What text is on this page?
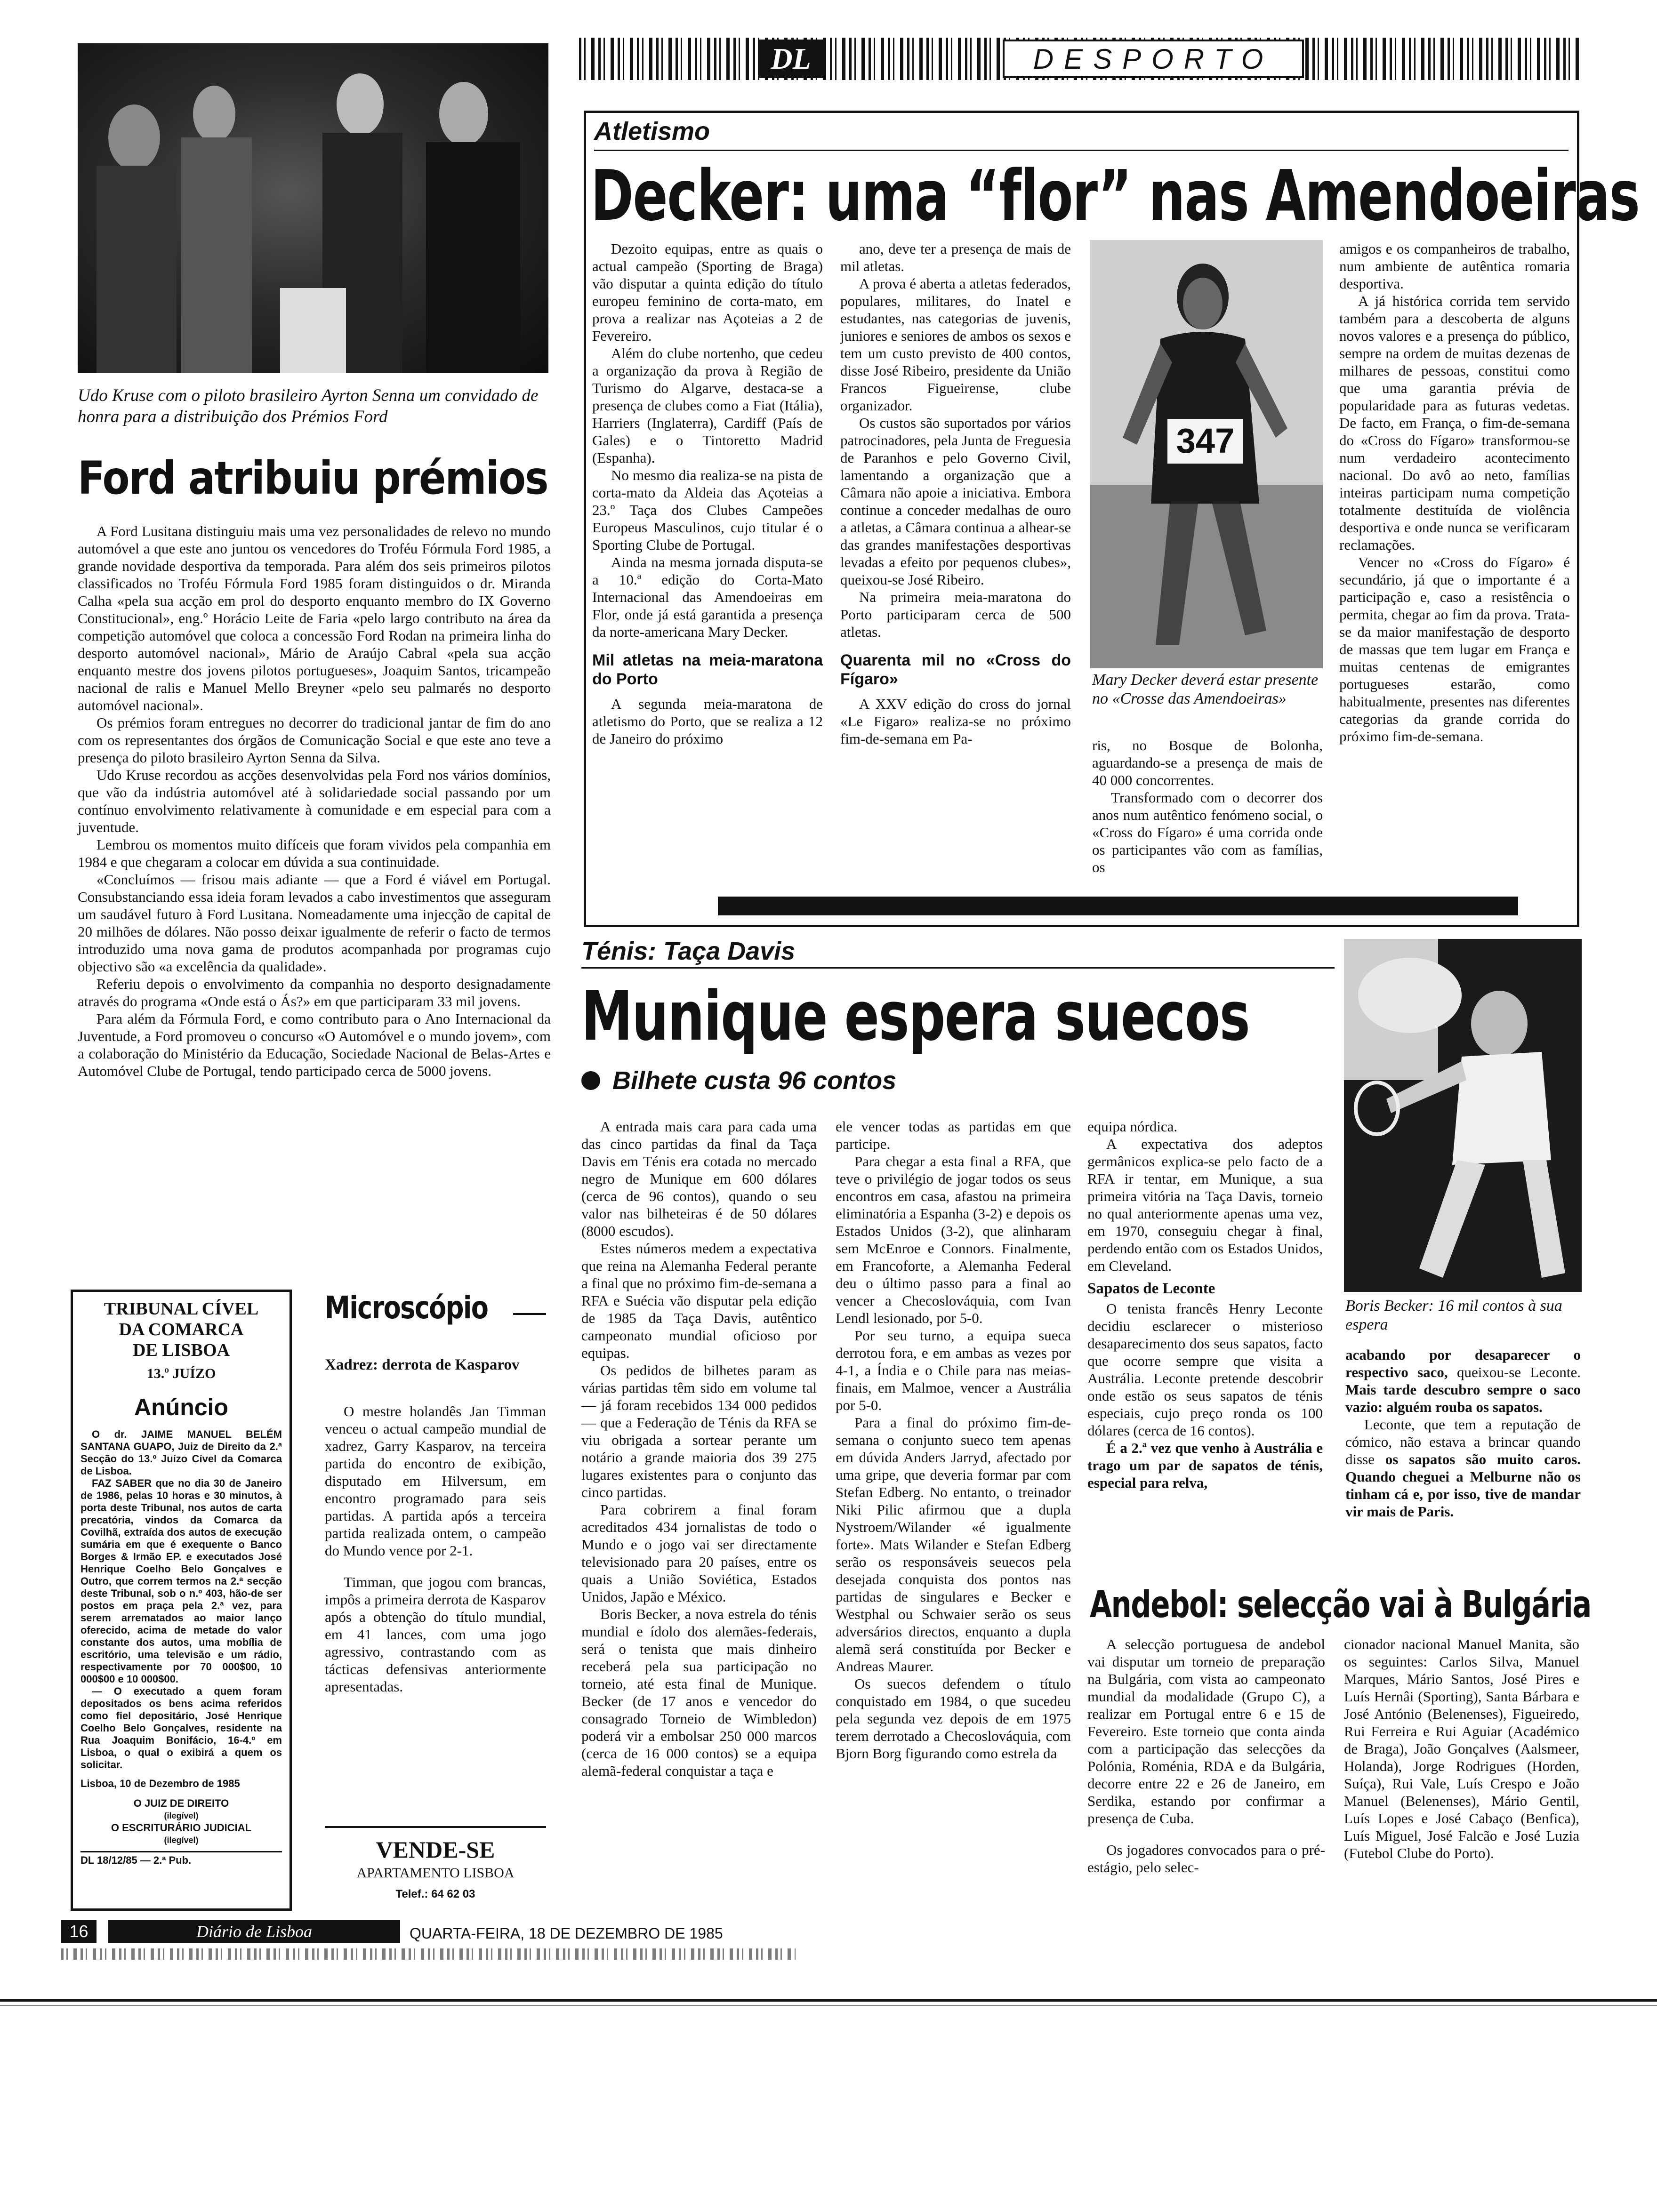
Udo Kruse com o piloto brasileiro Ayrton Senna um convidado de honra para a distribuição dos Prémios Ford
Ford atribuiu prémios

A Ford Lusitana distinguiu mais uma vez personalidades de relevo no mundo automóvel a que este ano juntou os vencedores do Troféu Fórmula Ford 1985, a grande novidade desportiva da temporada. Para além dos seis primeiros pilotos classificados no Troféu Fórmula Ford 1985 foram distinguidos o dr. Miranda Calha «pela sua acção em prol do desporto enquanto membro do IX Governo Constitucional», eng.º Horácio Leite de Faria «pelo largo contributo na área da competição automóvel que coloca a concessão Ford Rodan na primeira linha do desporto automóvel nacional», Mário de Araújo Cabral «pela sua acção enquanto mestre dos jovens pilotos portugueses», Joaquim Santos, tricampeão nacional de ralis e Manuel Mello Breyner «pelo seu palmarés no desporto automóvel nacional».

Os prémios foram entregues no decorrer do tradicional jantar de fim do ano com os representantes dos órgãos de Comunicação Social e que este ano teve a presença do piloto brasileiro Ayrton Senna da Silva.

Udo Kruse recordou as acções desenvolvidas pela Ford nos vários domínios, que vão da indústria automóvel até à solidariedade social passando por um contínuo envolvimento relativamente à comunidade e em especial para com a juventude.

Lembrou os momentos muito difíceis que foram vividos pela companhia em 1984 e que chegaram a colocar em dúvida a sua continuidade.

«Concluímos — frisou mais adiante — que a Ford é viável em Portugal. Consubstanciando essa ideia foram levados a cabo investimentos que asseguram um saudável futuro à Ford Lusitana. Nomeadamente uma injecção de capital de 20 milhões de dólares. Não posso deixar igualmente de referir o facto de termos introduzido uma nova gama de produtos acompanhada por programas cujo objectivo são «a excelência da qualidade».

Referiu depois o envolvimento da companhia no desporto designadamente através do programa «Onde está o Ás?» em que participaram 33 mil jovens.

Para além da Fórmula Ford, e como contributo para o Ano Internacional da Juventude, a Ford promoveu o concurso «O Automóvel e o mundo jovem», com a colaboração do Ministério da Educação, Sociedade Nacional de Belas-Artes e Automóvel Clube de Portugal, tendo participado cerca de 5000 jovens.

TRIBUNAL CÍVEL
DA COMARCA
DE LISBOA
13.º JUÍZO
Anúncio
O dr. JAIME MANUEL BELÉM SANTANA GUAPO, Juiz de Direito da 2.ª Secção do 13.º Juízo Cível da Comarca de Lisboa.
FAZ SABER que no dia 30 de Janeiro de 1986, pelas 10 horas e 30 minutos, à porta deste Tribunal, nos autos de carta precatória, vindos da Comarca da Covilhã, extraída dos autos de execução sumária em que é exequente o Banco Borges & Irmão EP. e executados José Henrique Coelho Belo Gonçalves e Outro, que correm termos na 2.ª secção deste Tribunal, sob o n.º 403, hão-de ser postos em praça pela 2.ª vez, para serem arrematados ao maior lanço oferecido, acima de metade do valor constante dos autos, uma mobília de escritório, uma televisão e um rádio, respectivamente por 70 000$00, 10 000$00 e 10 000$00.
— O executado a quem foram depositados os bens acima referidos como fiel depositário, José Henrique Coelho Belo Gonçalves, residente na Rua Joaquim Bonifácio, 16-4.º em Lisboa, o qual o exibirá a quem os solicitar.
Lisboa, 10 de Dezembro de 1985
O JUIZ DE DIREITO
(ilegível)
O ESCRITURÁRIO JUDICIAL
(ilegível)
DL 18/12/85 — 2.ª Pub.
Microscópio

Xadrez: derrota de Kasparov

O mestre holandês Jan Timman venceu o actual campeão mundial de xadrez, Garry Kasparov, na terceira partida do encontro de exibição, disputado em Hilversum, em encontro programado para seis partidas. A partida após a terceira partida realizada ontem, o campeão do Mundo vence por 2-1.

Timman, que jogou com brancas, impôs a primeira derrota de Kasparov após a obtenção do título mundial, em 41 lances, com uma jogo agressivo, contrastando com as tácticas defensivas anteriormente apresentadas.

VENDE-SE
APARTAMENTO LISBOA
Telef.: 64 62 03
16	Diário de Lisboa	QUARTA-FEIRA, 18 DE DEZEMBRO DE 1985
DL	DESPORTO
Atletismo
Decker: uma “flor” nas Amendoeiras

Dezoito equipas, entre as quais o actual campeão (Sporting de Braga) vão disputar a quinta edição do título europeu feminino de corta-mato, em prova a realizar nas Açoteias a 2 de Fevereiro.

Além do clube nortenho, que cedeu a organização da prova à Região de Turismo do Algarve, destaca-se a presença de clubes como a Fiat (Itália), Harriers (Inglaterra), Cardiff (País de Gales) e o Tintoretto Madrid (Espanha).

No mesmo dia realiza-se na pista de corta-mato da Aldeia das Açoteias a 23.º Taça dos Clubes Campeões Europeus Masculinos, cujo titular é o Sporting Clube de Portugal.

Ainda na mesma jornada disputa-se a 10.ª edição do Corta-Mato Internacional das Amendoeiras em Flor, onde já está garantida a presença da norte-americana Mary Decker.

Mil atletas na meia-maratona do Porto

A segunda meia-maratona de atletismo do Porto, que se realiza a 12 de Janeiro do próximo

ano, deve ter a presença de mais de mil atletas.

A prova é aberta a atletas federados, populares, militares, do Inatel e estudantes, nas categorias de juvenis, juniores e seniores de ambos os sexos e tem um custo previsto de 400 contos, disse José Ribeiro, presidente da União Francos Figueirense, clube organizador.

Os custos são suportados por vários patrocinadores, pela Junta de Freguesia de Paranhos e pelo Governo Civil, lamentando a organização que a Câmara não apoie a iniciativa. Embora continue a conceder medalhas de ouro a atletas, a Câmara continua a alhear-se das grandes manifestações desportivas levadas a efeito por pequenos clubes», queixou-se José Ribeiro.

Na primeira meia-maratona do Porto participaram cerca de 500 atletas.

Quarenta mil no «Cross do Fígaro»

A XXV edição do cross do jornal «Le Figaro» realiza-se no próximo fim-de-semana em Pa-

347
Mary Decker deverá estar presente no «Crosse das Amendoeiras»

ris, no Bosque de Bolonha, aguardando-se a presença de mais de 40 000 concorrentes.

Transformado com o decorrer dos anos num autêntico fenómeno social, o «Cross do Fígaro» é uma corrida onde os participantes vão com as famílias, os

amigos e os companheiros de trabalho, num ambiente de autêntica romaria desportiva.

A já histórica corrida tem servido também para a descoberta de alguns novos valores e a presença do público, sempre na ordem de muitas dezenas de milhares de pessoas, constitui como que uma garantia prévia de popularidade para as futuras vedetas. De facto, em França, o fim-de-semana do «Cross do Fígaro» transformou-se num verdadeiro acontecimento nacional. Do avô ao neto, famílias inteiras participam numa competição totalmente destituída de violência desportiva e onde nunca se verificaram reclamações.

Vencer no «Cross do Fígaro» é secundário, já que o importante é a participação e, caso a resistência o permita, chegar ao fim da prova. Trata-se da maior manifestação de desporto de massas que tem lugar em França e muitas centenas de emigrantes portugueses estarão, como habitualmente, presentes nas diferentes categorias da grande corrida do próximo fim-de-semana.

Ténis: Taça Davis
Munique espera suecos
Bilhete custa 96 contos

A entrada mais cara para cada uma das cinco partidas da final da Taça Davis em Ténis era cotada no mercado negro de Munique em 600 dólares (cerca de 96 contos), quando o seu valor nas bilheteiras é de 50 dólares (8000 escudos).

Estes números medem a expectativa que reina na Alemanha Federal perante a final que no próximo fim-de-semana a RFA e Suécia vão disputar pela edição de 1985 da Taça Davis, autêntico campeonato mundial oficioso por equipas.

Os pedidos de bilhetes param as várias partidas têm sido em volume tal — já foram recebidos 134 000 pedidos — que a Federação de Ténis da RFA se viu obrigada a sortear perante um notário a grande maioria dos 39 275 lugares existentes para o conjunto das cinco partidas.

Para cobrirem a final foram acreditados 434 jornalistas de todo o Mundo e o jogo vai ser directamente televisionado para 20 países, entre os quais a União Soviética, Estados Unidos, Japão e México.

Boris Becker, a nova estrela do ténis mundial e ídolo dos alemães-federais, será o tenista que mais dinheiro receberá pela sua participação no torneio, até esta final de Munique. Becker (de 17 anos e vencedor do consagrado Torneio de Wimbledon) poderá vir a embolsar 250 000 marcos (cerca de 16 000 contos) se a equipa alemã-federal conquistar a taça e

ele vencer todas as partidas em que participe.

Para chegar a esta final a RFA, que teve o privilégio de jogar todos os seus encontros em casa, afastou na primeira eliminatória a Espanha (3-2) e depois os Estados Unidos (3-2), que alinharam sem McEnroe e Connors. Finalmente, em Francoforte, a Alemanha Federal deu o último passo para a final ao vencer a Checoslováquia, com Ivan Lendl lesionado, por 5-0.

Por seu turno, a equipa sueca derrotou fora, e em ambas as vezes por 4-1, a Índia e o Chile para nas meias-finais, em Malmoe, vencer a Austrália por 5-0.

Para a final do próximo fim-de-semana o conjunto sueco tem apenas em dúvida Anders Jarryd, afectado por uma gripe, que deveria formar par com Stefan Edberg. No entanto, o treinador Niki Pilic afirmou que a dupla Nystroem/Wilander «é igualmente forte». Mats Wilander e Stefan Edberg serão os responsáveis seuecos pela desejada conquista dos pontos nas partidas de singulares e Becker e Westphal ou Schwaier serão os seus adversários directos, enquanto a dupla alemã será constituída por Becker e Andreas Maurer.

Os suecos defendem o título conquistado em 1984, o que sucedeu pela segunda vez depois de em 1975 terem derrotado a Checoslováquia, com Bjorn Borg figurando como estrela da

equipa nórdica.

A expectativa dos adeptos germânicos explica-se pelo facto de a RFA ir tentar, em Munique, a sua primeira vitória na Taça Davis, torneio no qual anteriormente apenas uma vez, em 1970, conseguiu chegar à final, perdendo então com os Estados Unidos, em Cleveland.

Sapatos de Leconte

O tenista francês Henry Leconte decidiu esclarecer o misterioso desaparecimento dos seus sapatos, facto que ocorre sempre que visita a Austrália. Leconte pretende descobrir onde estão os seus sapatos de ténis especiais, cujo preço ronda os 100 dólares (cerca de 16 contos).

É a 2.ª vez que venho à Austrália e trago um par de sapatos de ténis, especial para relva,

Boris Becker: 16 mil contos à sua espera

acabando por desaparecer o respectivo saco, queixou-se Leconte. Mais tarde descubro sempre o saco vazio: alguém rouba os sapatos.

Leconte, que tem a reputação de cómico, não estava a brincar quando disse os sapatos são muito caros. Quando cheguei a Melburne não os tinham cá e, por isso, tive de mandar vir mais de Paris.

Andebol: selecção vai à Bulgária

A selecção portuguesa de andebol vai disputar um torneio de preparação na Bulgária, com vista ao campeonato mundial da modalidade (Grupo C), a realizar em Portugal entre 6 e 15 de Fevereiro. Este torneio que conta ainda com a participação das selecções da Polónia, Roménia, RDA e da Bulgária, decorre entre 22 e 26 de Janeiro, em Serdika, estando por confirmar a presença de Cuba.

Os jogadores convocados para o pré-estágio, pelo selec-

cionador nacional Manuel Manita, são os seguintes: Carlos Silva, Manuel Marques, Mário Santos, José Pires e Luís Hernâi (Sporting), Santa Bárbara e José António (Belenenses), Figueiredo, Rui Ferreira e Rui Aguiar (Académico de Braga), João Gonçalves (Aalsmeer, Holanda), Jorge Rodrigues (Horden, Suíça), Rui Vale, Luís Crespo e João Manuel (Belenenses), Mário Gentil, Luís Lopes e José Cabaço (Benfica), Luís Miguel, José Falcão e José Luzia (Futebol Clube do Porto).
